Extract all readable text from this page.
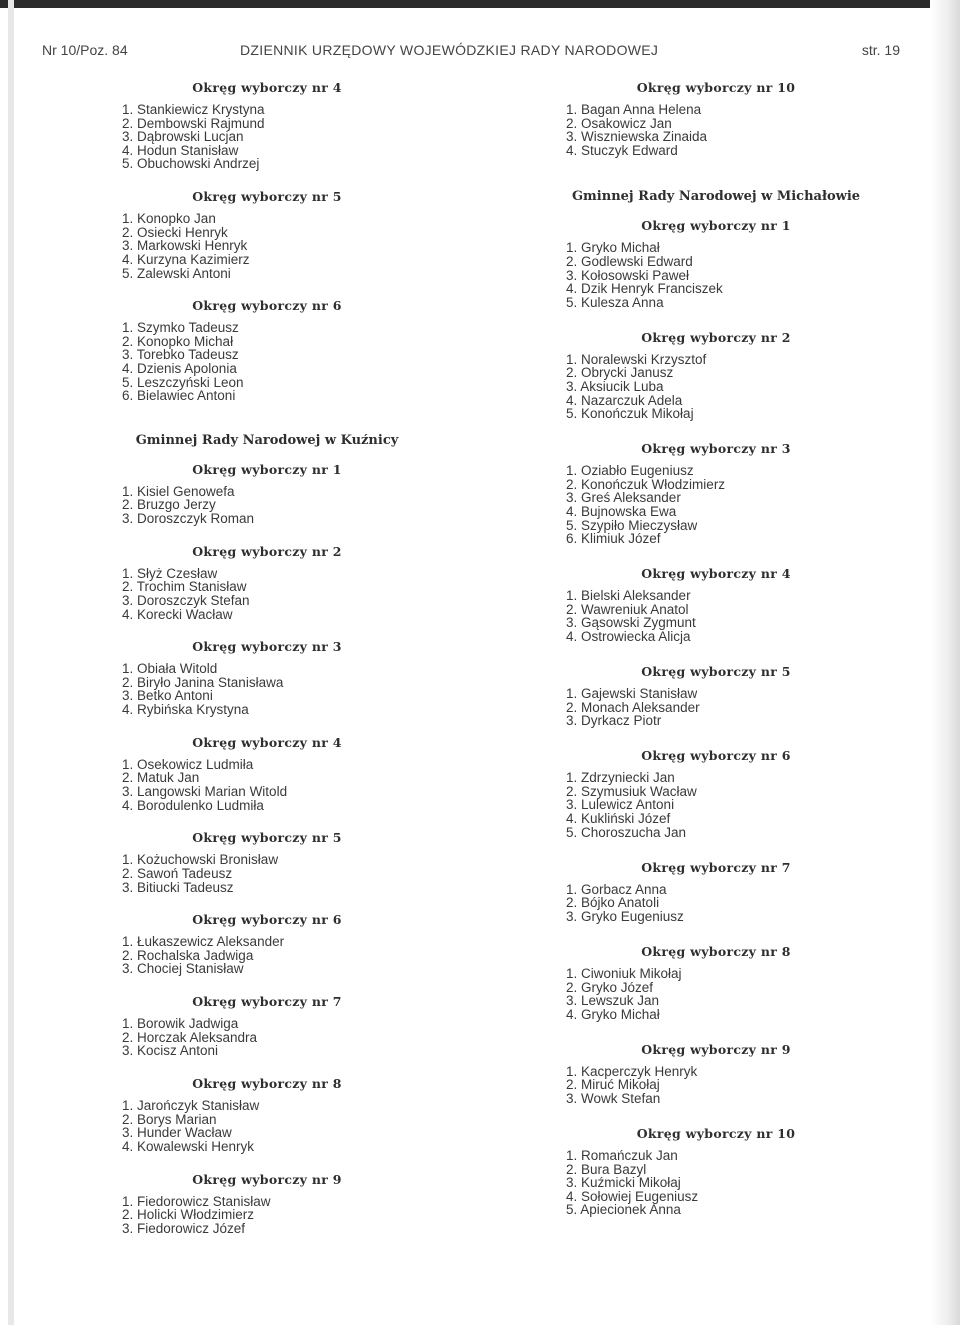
Nr 10/Poz. 84	DZIENNIK URZĘDOWY WOJEWÓDZKIEJ RADY NARODOWEJ	str. 19

Okręg wyborczy nr 4

1. Stankiewicz Krystyna
2. Dembowski Rajmund
3. Dąbrowski Lucjan
4. Hodun Stanisław
5. Obuchowski Andrzej

Okręg wyborczy nr 5

1. Konopko Jan
2. Osiecki Henryk
3. Markowski Henryk
4. Kurzyna Kazimierz
5. Zalewski Antoni

Okręg wyborczy nr 6

1. Szymko Tadeusz
2. Konopko Michał
3. Torebko Tadeusz
4. Dzienis Apolonia
5. Leszczyński Leon
6. Bielawiec Antoni
Gminnej Rady Narodowej w Kuźnicy

Okręg wyborczy nr 1

1. Kisiel Genowefa
2. Bruzgo Jerzy
3. Doroszczyk Roman

Okręg wyborczy nr 2

1. Słyż Czesław
2. Trochim Stanisław
3. Doroszczyk Stefan
4. Korecki Wacław

Okręg wyborczy nr 3

1. Obiała Witold
2. Biryło Janina Stanisława
3. Betko Antoni
4. Rybińska Krystyna

Okręg wyborczy nr 4

1. Osekowicz Ludmiła
2. Matuk Jan
3. Langowski Marian Witold
4. Borodulenko Ludmiła

Okręg wyborczy nr 5

1. Kożuchowski Bronisław
2. Sawoń Tadeusz
3. Bitiucki Tadeusz

Okręg wyborczy nr 6

1. Łukaszewicz Aleksander
2. Rochalska Jadwiga
3. Chociej Stanisław

Okręg wyborczy nr 7

1. Borowik Jadwiga
2. Horczak Aleksandra
3. Kocisz Antoni

Okręg wyborczy nr 8

1. Jarończyk Stanisław
2. Borys Marian
3. Hunder Wacław
4. Kowalewski Henryk

Okręg wyborczy nr 9

1. Fiedorowicz Stanisław
2. Holicki Włodzimierz
3. Fiedorowicz Józef

Okręg wyborczy nr 10

1. Bagan Anna Helena
2. Osakowicz Jan
3. Wiszniewska Zinaida
4. Stuczyk Edward
Gminnej Rady Narodowej w Michałowie

Okręg wyborczy nr 1

1. Gryko Michał
2. Godlewski Edward
3. Kołosowski Paweł
4. Dzik Henryk Franciszek
5. Kulesza Anna

Okręg wyborczy nr 2

1. Noralewski Krzysztof
2. Obrycki Janusz
3. Aksiucik Luba
4. Nazarczuk Adela
5. Konończuk Mikołaj

Okręg wyborczy nr 3

1. Oziabło Eugeniusz
2. Konończuk Włodzimierz
3. Greś Aleksander
4. Bujnowska Ewa
5. Szypiło Mieczysław
6. Klimiuk Józef

Okręg wyborczy nr 4

1. Bielski Aleksander
2. Wawreniuk Anatol
3. Gąsowski Zygmunt
4. Ostrowiecka Alicja

Okręg wyborczy nr 5

1. Gajewski Stanisław
2. Monach Aleksander
3. Dyrkacz Piotr

Okręg wyborczy nr 6

1. Zdrzyniecki Jan
2. Szymusiuk Wacław
3. Lulewicz Antoni
4. Kukliński Józef
5. Choroszucha Jan

Okręg wyborczy nr 7

1. Gorbacz Anna
2. Bójko Anatoli
3. Gryko Eugeniusz

Okręg wyborczy nr 8

1. Ciwoniuk Mikołaj
2. Gryko Józef
3. Lewszuk Jan
4. Gryko Michał

Okręg wyborczy nr 9

1. Kacperczyk Henryk
2. Miruć Mikołaj
3. Wowk Stefan

Okręg wyborczy nr 10

1. Romańczuk Jan
2. Bura Bazyl
3. Kuźmicki Mikołaj
4. Sołowiej Eugeniusz
5. Apiecionek Anna
